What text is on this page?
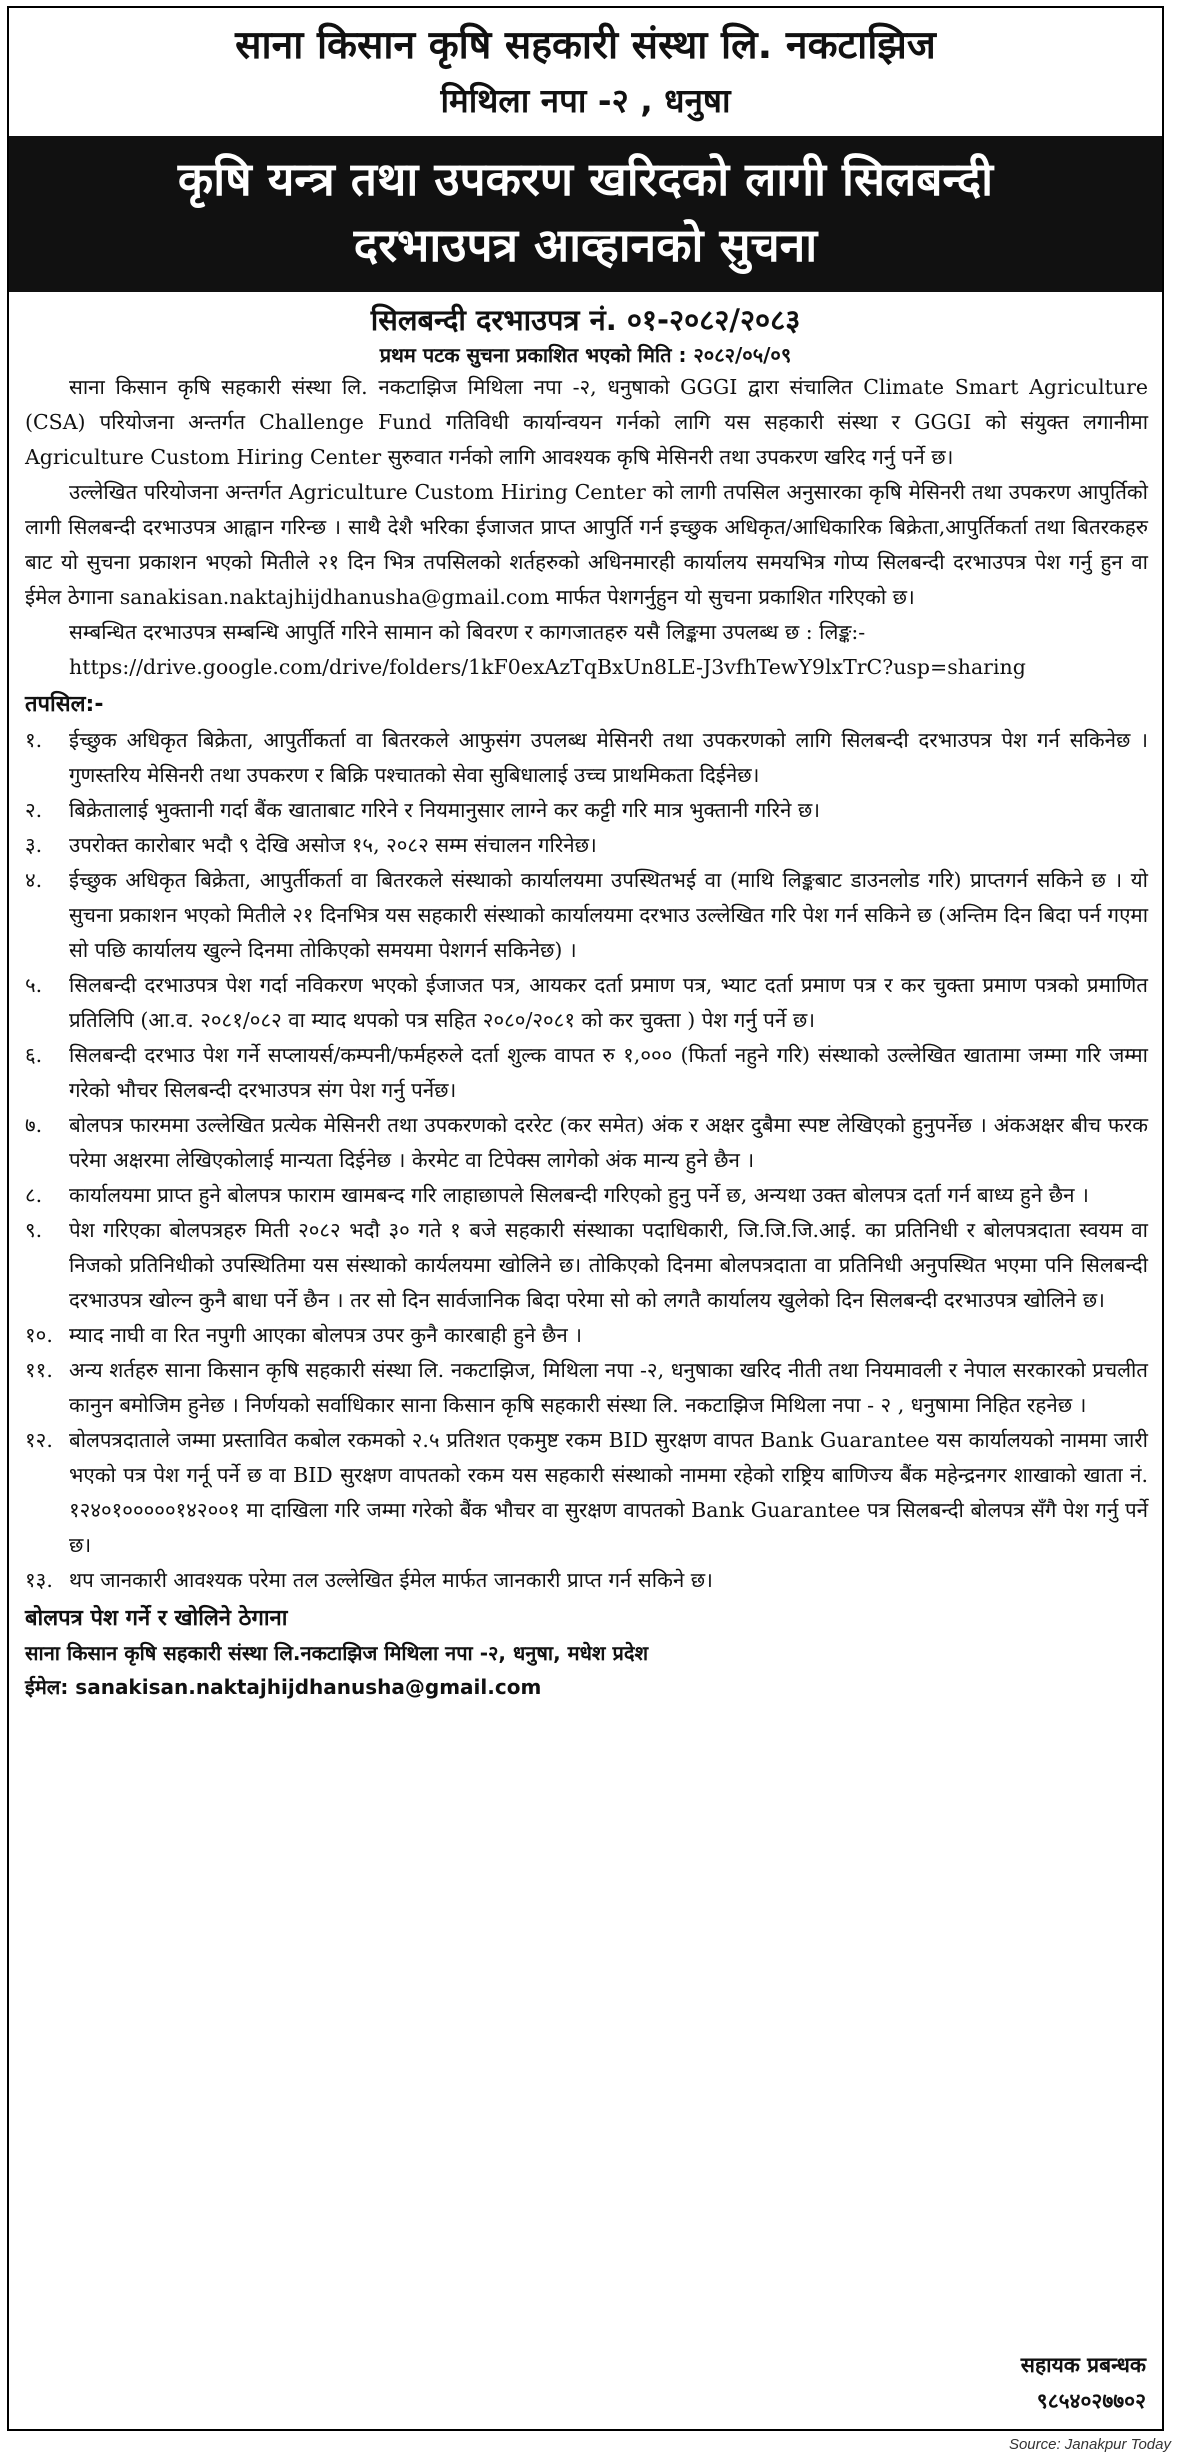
साना किसान कृषि सहकारी संस्था लि. नकटाझिज
मिथिला नपा -२ , धनुषा
कृषि यन्त्र तथा उपकरण खरिदको लागी सिलबन्दी
दरभाउपत्र आव्हानको सुचना
सिलबन्दी दरभाउपत्र नं. ०१-२०८२/२०८३
प्रथम पटक सुचना प्रकाशित भएको मिति : २०८२/०५/०९

साना किसान कृषि सहकारी संस्था लि. नकटाझिज मिथिला नपा -२, धनुषाको GGGI द्वारा संचालित Climate Smart Agriculture (CSA) परियोजना अन्तर्गत Challenge Fund गतिविधी कार्यान्वयन गर्नको लागि यस सहकारी संस्था र GGGI को संयुक्त लगानीमा Agriculture Custom Hiring Center सुरुवात गर्नको लागि आवश्यक कृषि मेसिनरी तथा उपकरण खरिद गर्नु पर्ने छ।

उल्लेखित परियोजना अन्तर्गत Agriculture Custom Hiring Center को लागी तपसिल अनुसारका कृषि मेसिनरी तथा उपकरण आपुर्तिको लागी सिलबन्दी दरभाउपत्र आह्वान गरिन्छ । साथै देशै भरिका ईजाजत प्राप्त आपुर्ति गर्न इच्छुक अधिकृत/आधिकारिक बिक्रेता,आपुर्तिकर्ता तथा बितरकहरु बाट यो सुचना प्रकाशन भएको मितीले २१ दिन भित्र तपसिलको शर्तहरुको अधिनमारही कार्यालय समयभित्र गोप्य सिलबन्दी दरभाउपत्र पेश गर्नु हुन वा ईमेल ठेगाना sanakisan.naktajhijdhanusha@gmail.com मार्फत पेशगर्नुहुन यो सुचना प्रकाशित गरिएको छ।

सम्बन्धित दरभाउपत्र सम्बन्धि आपुर्ति गरिने सामान को बिवरण र कागजातहरु यसै लिङ्कमा उपलब्ध छ : लिङ्क:-

https://drive.google.com/drive/folders/1kF0exAzTqBxUn8LE-J3vfhTewY9lxTrC?usp=sharing
तपसिल:-
१.	ईच्छुक अधिकृत बिक्रेता, आपुर्तीकर्ता वा बितरकले आफुसंग उपलब्ध मेसिनरी तथा उपकरणको लागि सिलबन्दी दरभाउपत्र पेश गर्न सकिनेछ । गुणस्तरिय मेसिनरी तथा उपकरण र बिक्रि पश्चातको सेवा सुबिधालाई उच्च प्राथमिकता दिईनेछ।
२.	बिक्रेतालाई भुक्तानी गर्दा बैंक खाताबाट गरिने र नियमानुसार लाग्ने कर कट्टी गरि मात्र भुक्तानी गरिने छ।
३.	उपरोक्त कारोबार भदौ ९ देखि असोज १५, २०८२ सम्म संचालन गरिनेछ।
४.	ईच्छुक अधिकृत बिक्रेता, आपुर्तीकर्ता वा बितरकले संस्थाको कार्यालयमा उपस्थितभई वा (माथि लिङ्कबाट डाउनलोड गरि) प्राप्तगर्न सकिने छ । यो सुचना प्रकाशन भएको मितीले २१ दिनभित्र यस सहकारी संस्थाको कार्यालयमा दरभाउ उल्लेखित गरि पेश गर्न सकिने छ (अन्तिम दिन बिदा पर्न गएमा सो पछि कार्यालय खुल्ने दिनमा तोकिएको समयमा पेशगर्न सकिनेछ) ।
५.	सिलबन्दी दरभाउपत्र पेश गर्दा नविकरण भएको ईजाजत पत्र, आयकर दर्ता प्रमाण पत्र, भ्याट दर्ता प्रमाण पत्र र कर चुक्ता प्रमाण पत्रको प्रमाणित प्रतिलिपि (आ.व. २०८१/०८२ वा म्याद थपको पत्र सहित २०८०/२०८१ को कर चुक्ता ) पेश गर्नु पर्ने छ।
६.	सिलबन्दी दरभाउ पेश गर्ने सप्लायर्स/कम्पनी/फर्महरुले दर्ता शुल्क वापत रु १,००० (फिर्ता नहुने गरि) संस्थाको उल्लेखित खातामा जम्मा गरि जम्मा गरेको भौचर सिलबन्दी दरभाउपत्र संग पेश गर्नु पर्नेछ।
७.	बोलपत्र फारममा उल्लेखित प्रत्येक मेसिनरी तथा उपकरणको दररेट (कर समेत) अंक र अक्षर दुबैमा स्पष्ट लेखिएको हुनुपर्नेछ । अंकअक्षर बीच फरक परेमा अक्षरमा लेखिएकोलाई मान्यता दिईनेछ । केरमेट वा टिपेक्स लागेको अंक मान्य हुने छैन ।
८.	कार्यालयमा प्राप्त हुने बोलपत्र फाराम खामबन्द गरि लाहाछापले सिलबन्दी गरिएको हुनु पर्ने छ, अन्यथा उक्त बोलपत्र दर्ता गर्न बाध्य हुने छैन ।
९.	पेश गरिएका बोलपत्रहरु मिती २०८२ भदौ ३० गते १ बजे सहकारी संस्थाका पदाधिकारी, जि.जि.जि.आई. का प्रतिनिधी र बोलपत्रदाता स्वयम वा निजको प्रतिनिधीको उपस्थितिमा यस संस्थाको कार्यलयमा खोलिने छ। तोकिएको दिनमा बोलपत्रदाता वा प्रतिनिधी अनुपस्थित भएमा पनि सिलबन्दी दरभाउपत्र खोल्न कुनै बाधा पर्ने छैन । तर सो दिन सार्वजानिक बिदा परेमा सो को लगतै कार्यालय खुलेको दिन सिलबन्दी दरभाउपत्र खोलिने छ।
१०. म्याद नाघी वा रित नपुगी आएका बोलपत्र उपर कुनै कारबाही हुने छैन ।
११. अन्य शर्तहरु साना किसान कृषि सहकारी संस्था लि. नकटाझिज, मिथिला नपा -२, धनुषाका खरिद नीती तथा नियमावली र नेपाल सरकारको प्रचलीत कानुन बमोजिम हुनेछ । निर्णयको सर्वाधिकार साना किसान कृषि सहकारी संस्था लि. नकटाझिज मिथिला नपा - २ , धनुषामा निहित रहनेछ ।
१२. बोलपत्रदाताले जम्मा प्रस्तावित कबोल रकमको २.५ प्रतिशत एकमुष्ट रकम BID सुरक्षण वापत Bank Guarantee यस कार्यालयको नाममा जारी भएको पत्र पेश गर्नू पर्ने छ वा BID सुरक्षण वापतको रकम यस सहकारी संस्थाको नाममा रहेको राष्ट्रिय बाणिज्य बैंक महेन्द्रनगर शाखाको खाता नं. १२४०१०००००१४२००१ मा दाखिला गरि जम्मा गरेको बैंक भौचर वा सुरक्षण वापतको Bank Guarantee पत्र सिलबन्दी बोलपत्र सँगै पेश गर्नु पर्ने छ।
१३. थप जानकारी आवश्यक परेमा तल उल्लेखित ईमेल मार्फत जानकारी प्राप्त गर्न सकिने छ।
बोलपत्र पेश गर्ने र खोलिने ठेगाना
साना किसान कृषि सहकारी संस्था लि.नकटाझिज मिथिला नपा -२, धनुषा, मधेश प्रदेश
ईमेल: sanakisan.naktajhijdhanusha@gmail.com
सहायक प्रबन्धक
९८५४०२७७०२
Source: Janakpur Today
